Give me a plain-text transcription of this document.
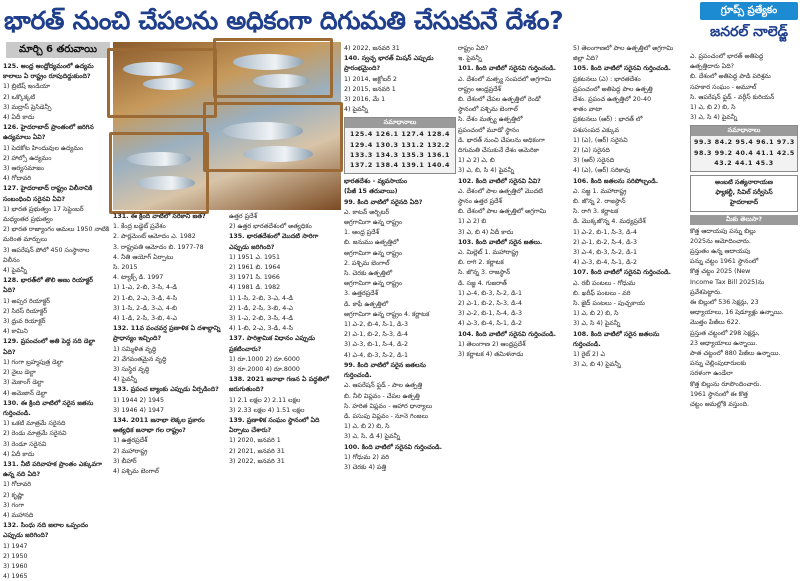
భారత్ నుంచి చేపలను అధికంగా దిగుమతి చేసుకునే దేశం?	గ్రూప్స్ ప్రత్యేకం
జనరల్ నాలెడ్జ్
మార్చి 6 తరువాయి

125. అంధ్ర ఆంధ్రోద్యమంలో ఉద్యమ

కాలాలు ఏ రాష్ట్రం రూపుదిద్దుకుంది?

1) బ్రిటిష్ ఇండియా

2) ఒక్కొక్కటి

3) మద్రాస్ ప్రెసిడెన్సీ

4) ఏదీ కాదు

126. హైదరాబాద్ ప్రాంతంలో జరిగిన

ఉద్యమాలు ఏవి?

1) పెదకోట హిందువుల ఉద్యమం

2) హాల్సో ఉద్యమం

3) ఆర్యసమాజం

4) గోదావరి

127. హైదరాబాద్ రాష్ట్రం విలీనానికి

సంబంధించి సరైనవి ఏవి?

1) భారత ప్రభుత్వం 17 సెప్టెంబర్

మధ్యంతర ప్రభుత్వం

2) భారత రాజ్యాంగం అమలు 1950 నాటికి

మరింత మార్పులు

3) ఆపరేషన్ పోలో 450 సంస్థానాల

విలీనం

4) పైవన్నీ

128. భారత్‌లో తొలి అణు రియాక్టర్

ఏది?

1) అప్సర రియాక్టర్

2) సిరస్ రియాక్టర్

3) ధ్రువ రియాక్టర్

4) కామిని

129. ప్రపంచంలో అతి పెద్ద నది డెల్టా

ఏది?

1) గంగా బ్రహ్మపుత్ర డెల్టా

2) నైలు డెల్టా

3) మెకాంగ్ డెల్టా

4) అమెజాన్ డెల్టా

130. ఈ క్రింది వాటిలో సరైన జతను

గుర్తించండి.

1) ఒకటి మాత్రమే సరైనది

2) రెండు మాత్రమే సరైనవి

3) రెండూ సరైనవి

4) ఏదీ కాదు

131. నీటి పరివాహక ప్రాంతం ఎక్కువగా

ఉన్న నది ఏది?

1) గోదావరి

2) కృష్ణా

3) గంగా

4) మహానది

132. సింధు నది జలాల ఒప్పందం

ఎప్పుడు జరిగింది?

1) 1947

2) 1950

3) 1960

4) 1965

131. ఈ క్రింది వాటిలో సరికాని జత?

1. కేంద్ర బడ్జెట్ ప్రవేశం

2. పార్లమెంట్ ఆమోదం ఎ. 1982

3. రాష్ట్రపతి ఆమోదం బి. 1977-78

4. నీతి ఆయోగ్ ఏర్పాటు

సి. 2015

4. ట్యాక్స్ డి. 1997

1) 1-ఎ, 2-బి, 3-సి, 4-డి

2) 1-బి, 2-ఎ, 3-డి, 4-సి

3) 1-సి, 2-డి, 3-ఎ, 4-బి

4) 1-డి, 2-సి, 3-బి, 4-ఎ

132. 11వ పంచవర్ష ప్రణాళిక ఏ దశాబ్దాన్ని

ప్రాధాన్యం ఇచ్చింది?

1) సమ్మిళిత వృద్ధి

2) వేగవంతమైన వృద్ధి

3) సుస్థిర వృద్ధి

4) పైవన్నీ

133. ప్రపంచ బ్యాంకు ఎప్పుడు ఏర్పడింది?

1) 1944 2) 1945

3) 1946 4) 1947

134. 2011 జనాభా లెక్కల ప్రకారం

అత్యధిక జనాభా గల రాష్ట్రం?

1) ఉత్తరప్రదేశ్

2) మహారాష్ట్ర

3) బీహార్

4) పశ్చిమ బెంగాల్

ఉత్తర ప్రదేశ్

2) ఉత్తర భారతదేశంలో అత్యధికం

135. భారతదేశంలో మొదటి సారిగా

ఎప్పుడు జరిగింది?

1) 1951 ఎ. 1951

2) 1961 బి. 1964

3) 1971 సి. 1966

4) 1981 డి. 1982

1) 1-సి, 2-బి, 3-ఎ, 4-డి

2) 1-డి, 2-సి, 3-బి, 4-ఎ

3) 1-ఎ, 2-బి, 3-సి, 4-డి

4) 1-బి, 2-ఎ, 3-డి, 4-సి

137. పారిశ్రామిక విధానం ఎప్పుడు

ప్రకటించారు?

1) రూ.1000 2) రూ.6000

3) రూ.2000 4) రూ.8000

138. 2021 జనాభా గణన ఏ పద్ధతిలో

జరుగుతుంది?

1) 2.1 లక్షల 2) 2.11 లక్షల

3) 2.33 లక్షల 4) 1.51 లక్షల

139. ప్రణాళిక సంఘం స్థానంలో ఏది

ఏర్పాటు చేశారు?

1) 2020, జనవరి 1

2) 2021, జనవరి 31

3) 2022, జనవరి 31

4) 2022, జనవరి 31

140. స్వచ్ఛ భారత్ మిషన్ ఎప్పుడు

ప్రారంభమైంది?

1) 2014, అక్టోబర్ 2

2) 2015, జనవరి 1

3) 2016, మే 1

4) పైవన్నీ

సమాధానాలు

125.4 126.1 127.4 128.4

129.4 130.3 131.2 132.2

133.3 134.3 135.3 136.1

137.2 138.4 139.1 140.4

భారతదేశం - వ్యవసాయం

(పేజీ 15 తరువాయి)

99. కింది వాటిలో సరైనది ఏది?

ఎ. కాటన్ అర్బిటర్

అగ్రగామిగా ఉన్న రాష్ట్రం

1. ఆంధ్ర ప్రదేశ్

బి. జనుము ఉత్పత్తిలో

అగ్రగామిగా ఉన్న రాష్ట్రం

2. పశ్చిమ బెంగాల్

సి. చెరకు ఉత్పత్తిలో

అగ్రగామిగా ఉన్న రాష్ట్రం

3. ఉత్తరప్రదేశ్

డి. కాఫీ ఉత్పత్తిలో

అగ్రగామిగా ఉన్న రాష్ట్రం 4. కర్ణాటక

1) ఎ-2, బి-4, సి-1, డి-3

2) ఎ-1, బి-2, సి-3, డి-4

3) ఎ-3, బి-1, సి-4, డి-2

4) ఎ-4, బి-3, సి-2, డి-1

99. కింది వాటిలో సరైన జతలను

గుర్తించండి.

ఎ. ఆపరేషన్ ఫ్లడ్ - పాల ఉత్పత్తి

బి. నీలి విప్లవం - చేపల ఉత్పత్తి

సి. హరిత విప్లవం - ఆహార ధాన్యాలు

డి. పసుపు విప్లవం - నూనె గింజలు

1) ఎ, బి 2) బి, సి

3) ఎ, సి, డి 4) పైవన్నీ

100. కింది వాటిలో సరైనవి గుర్తించండి.

1) గోధుమ 2) వరి

3) చెరకు 4) పత్తి

రాష్ట్రం ఏది?

ఇ. పైవన్నీ

101. కింది వాటిలో సరైనవి గుర్తించండి.

ఎ. దేశంలో మత్స్య సంపదలో అగ్రగామి

రాష్ట్రం ఆంధ్రప్రదేశ్

బి. దేశంలో చేపల ఉత్పత్తిలో రెండో

స్థానంలో పశ్చిమ బెంగాల్

సి. దేశం మత్స్య ఉత్పత్తిలో

ప్రపంచంలో మూడో స్థానం

డి. భారత్ నుంచి చేపలను అధికంగా

దిగుమతి చేసుకునే దేశం అమెరికా

1) ఎ 2) ఎ, బి

3) ఎ, బి, సి 4) పైవన్నీ

102. కింది వాటిలో సరైనవి ఏవి?

ఎ. దేశంలో పాల ఉత్పత్తిలో మొదటి

స్థానం ఉత్తర ప్రదేశ్

బి. దేశంలో పాల ఉత్పత్తిలో అగ్రగామి

1) ఎ 2) బి

3) ఎ, బి 4) ఏదీ కాదు

103. కింది వాటిలో సరైన జతలు.

ఎ. మిల్లెట్ 1. మహారాష్ట్ర

బి. రాగి 2. కర్ణాటక

సి. జొన్న 3. రాజస్థాన్

డి. సజ్జ 4. గుజరాత్

1) ఎ-4, బి-3, సి-2, డి-1

2) ఎ-1, బి-2, సి-3, డి-4

3) ఎ-2, బి-1, సి-4, డి-3

4) ఎ-3, బి-4, సి-1, డి-2

104. కింది వాటిలో సరైనవి గుర్తించండి.

1) తెలంగాణ 2) ఆంధ్రప్రదేశ్

3) కర్ణాటక 4) తమిళనాడు

5) తెలంగాణలో పాల ఉత్పత్తిలో అగ్రగామి

జిల్లా ఏది?

105. కింది వాటిలో సరైనవి గుర్తించండి.

ప్రకటనలు (ఎ) : భారతదేశం

ప్రపంచంలో అతిపెద్ద పాల ఉత్పత్తి

దేశం. ప్రపంచ ఉత్పత్తిలో 20-40

శాతం వాటా

ప్రకటనలు (ఆర్) : భారత్ లో

పశుసంపద ఎక్కువ

1) (ఎ), (ఆర్) సరైనవి

2) (ఎ) సరైనది

3) (ఆర్) సరైనది

4) (ఎ), (ఆర్) సరికావు

106. కింది జతలను సరిపోల్చండి.

ఎ. సజ్జ 1. మహారాష్ట్ర

బి. జొన్న 2. రాజస్థాన్

సి. రాగి 3. కర్ణాటక

డి. మొక్కజొన్న 4. మధ్యప్రదేశ్

1) ఎ-2, బి-1, సి-3, డి-4

2) ఎ-1, బి-2, సి-4, డి-3

3) ఎ-4, బి-3, సి-2, డి-1

4) ఎ-3, బి-4, సి-1, డి-2

107. కింది వాటిలో సరైనవి గుర్తించండి.

ఎ. రబీ పంటలు - గోధుమ

బి. ఖరీఫ్ పంటలు - వరి

సి. జైద్ పంటలు - పుచ్చకాయ

1) ఎ, బి 2) బి, సి

3) ఎ, సి 4) పైవన్నీ

108. కింది వాటిలో సరైన జతలను

గుర్తించండి.

1) రైట్ 2) ఎ

3) ఎ, బి 4) పైవన్నీ

ఎ. ప్రపంచంలో భారత్ అతిపెద్ద

ఉత్పత్తిదారు ఏది?

బి. దేశంలో అతిపెద్ద పాడి పరిశ్రమ

సహకార సంఘం - అమూల్

సి. ఆపరేషన్ ఫ్లడ్ - వర్గీస్ కురియన్

1) ఎ, బి 2) బి, సి

3) ఎ, సి 4) పైవన్నీ

సమాధానాలు

99.3 84.2 95.4 96.1 97.3

98.3 99.2 40.4 41.1 42.5

43.2 44.1 45.3

అంబటి సత్యనారాయణ

ఫ్యాకల్టీ, సివిల్ సర్వీసెస్

హైదరాబాద్

మీకు తెలుసా?

కొత్త ఆదాయపు పన్ను బిల్లు

2025ను ఆమోదించారు.

ప్రస్తుతం ఉన్న ఆదాయపు

పన్ను చట్టం 1961 స్థానంలో

కొత్త చట్టం 2025 (New

Income Tax Bill 2025)ను

ప్రవేశపెట్టారు.

ఈ బిల్లులో 536 సెక్షన్లు, 23

అధ్యాయాలు, 16 షెడ్యూళ్లు ఉన్నాయి.

మొత్తం పేజీలు 622.

ప్రస్తుత చట్టంలో 298 సెక్షన్లు,

23 అధ్యాయాలు ఉన్నాయి.

పాత చట్టంలో 880 పేజీలు ఉన్నాయి.

పన్ను చెల్లింపుదారులకు

సరళంగా ఉండేలా

కొత్త బిల్లును రూపొందించారు.

1961 స్థానంలో ఈ కొత్త

చట్టం అమల్లోకి వస్తుంది.
